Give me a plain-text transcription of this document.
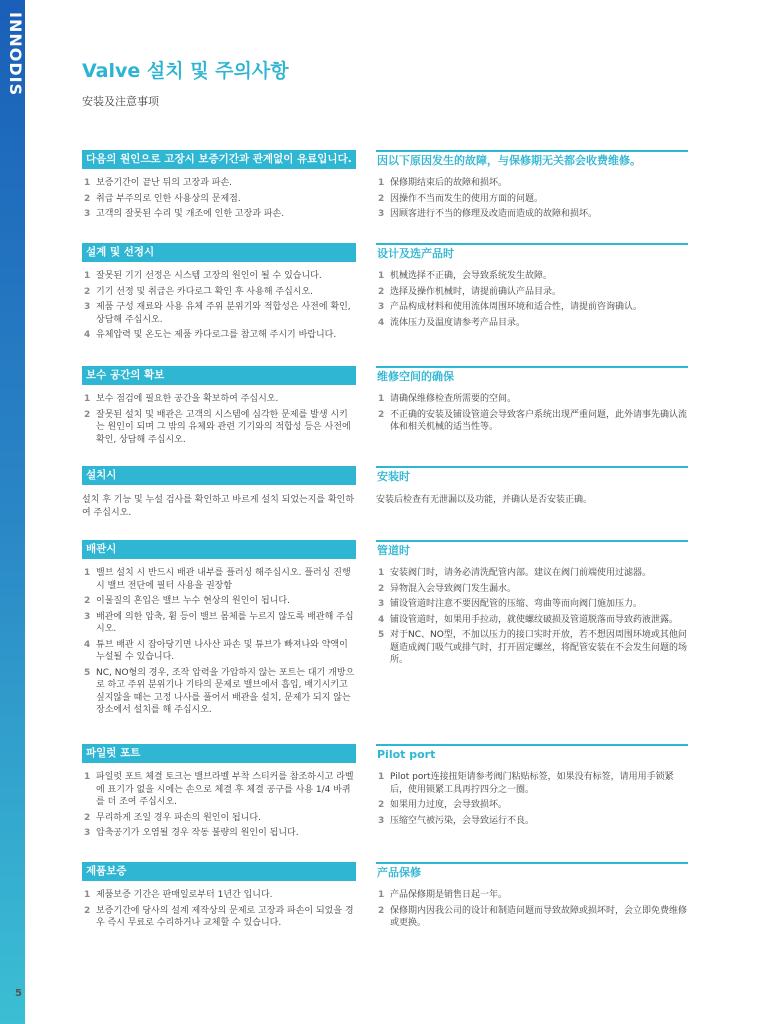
INNODIS	Valve 설치 및 주의사항

安装及注意事项

다음의 원인으로 고장시 보증기간과 관계없이 유료입니다.
1 보증기간이 끝난 뒤의 고장과 파손.
2 취급 부주의로 인한 사용상의 문제점.
3 고객의 잘못된 수리 및 개조에 인한 고장과 파손.
因以下原因发生的故障，与保修期无关都会收费维修。
1 保修期结束后的故障和损坏。
2 因操作不当而发生的使用方面的问题。
3 因顾客进行不当的修理及改造而造成的故障和损坏。
설계 및 선정시
1 잘못된 기기 선정은 시스템 고장의 원인이 될 수 있습니다.
2 기기 선정 및 취급은 카다로그 확인 후 사용해 주십시오.
3 제품 구성 재료와 사용 유체 주위 분위기와 적합성은 사전에 확인, 상담해 주십시오.
4 유체압력 및 온도는 제품 카다로그를 참고해 주시기 바랍니다.
设计及选产品时
1 机械选择不正确，会导致系统发生故障。
2 选择及操作机械时，请提前确认产品目录。
3 产品构成材料和使用流体周围环境和适合性，请提前咨询确认。
4 流体压力及温度请参考产品目录。
보수 공간의 확보
1 보수 점검에 필요한 공간을 확보하여 주십시오.
2 잘못된 설치 및 배관은 고객의 시스템에 심각한 문제를 발생 시키는 원인이 되며 그 밖의 유체와 관련 기기와의 적합성 등은 사전에 확인, 상담해 주십시오.
维修空间的确保
1 请确保维修检查所需要的空间。
2 不正确的安装及铺设管道会导致客户系统出现严重问题，此外请事先确认流体和相关机械的适当性等。
설치시

설치 후 기능 및 누설 검사를 확인하고 바르게 설치 되었는지를 확인하여 주십시오.

安装时

安装后检查有无泄漏以及功能，并确认是否安装正确。

배관시
1 밸브 설치 시 반드시 배관 내부를 플러싱 해주십시오. 플러싱 진행 시 밸브 전단에 필터 사용을 권장함
2 이물질의 혼입은 밸브 누수 현상의 원인이 됩니다.
3 배관에 의한 압축, 휨 등이 밸브 몸체를 누르지 않도록 배관해 주십시오.
4 튜브 배관 시 잡아당기면 나사산 파손 및 튜브가 빠져나와 약액이 누설될 수 있습니다.
5 NC, NO형의 경우, 조작 압력을 가압하지 않는 포트는 대기 개방으로 하고 주위 분위기나 기타의 문제로 밸브에서 흡입, 배기시키고 싶지않을 때는 고정 나사를 풀어서 배관을 설치, 문제가 되지 않는 장소에서 설치를 해 주십시오.
管道时
1 安装阀门时，请务必清洗配管内部。建议在阀门前端使用过滤器。
2 异物混入会导致阀门发生漏水。
3 铺设管道时注意不要因配管的压缩、弯曲等而向阀门施加压力。
4 铺设管道时，如果用手拉动，就使螺纹破损及管道脱落而导致药液泄露。
5 对于NC、NO型，不加以压力的接口实时开放，若不想因周围环境或其他问题造成阀门吸气或排气时，打开固定螺丝，将配管安装在不会发生问题的场所。
파일럿 포트
1 파일럿 포트 체결 토크는 밸브라벨 부착 스티커를 참조하시고 라벨에 표기가 없을 시에는 손으로 체결 후 체결 공구를 사용 1/4 바퀴를 더 조여 주십시오.
2 무리하게 조일 경우 파손의 원인이 됩니다.
3 압축공기가 오염될 경우 작동 불량의 원인이 됩니다.
Pilot port
1 Pilot port连接扭矩请参考阀门粘贴标签，如果没有标签，请用用手锁紧后，使用锁紧工具再拧四分之一圈。
2 如果用力过度，会导致损坏。
3 压缩空气被污染，会导致运行不良。
제품보증
1 제품보증 기간은 판매일로부터 1년간 입니다.
2 보증기간에 당사의 설계 제작상의 문제로 고장과 파손이 되었을 경우 즉시 무료로 수리하거나 교체할 수 있습니다.
产品保修
1 产品保修期是销售日起一年。
2 保修期内因我公司的设计和制造问题而导致故障或损坏时，会立即免费维修或更换。
5
